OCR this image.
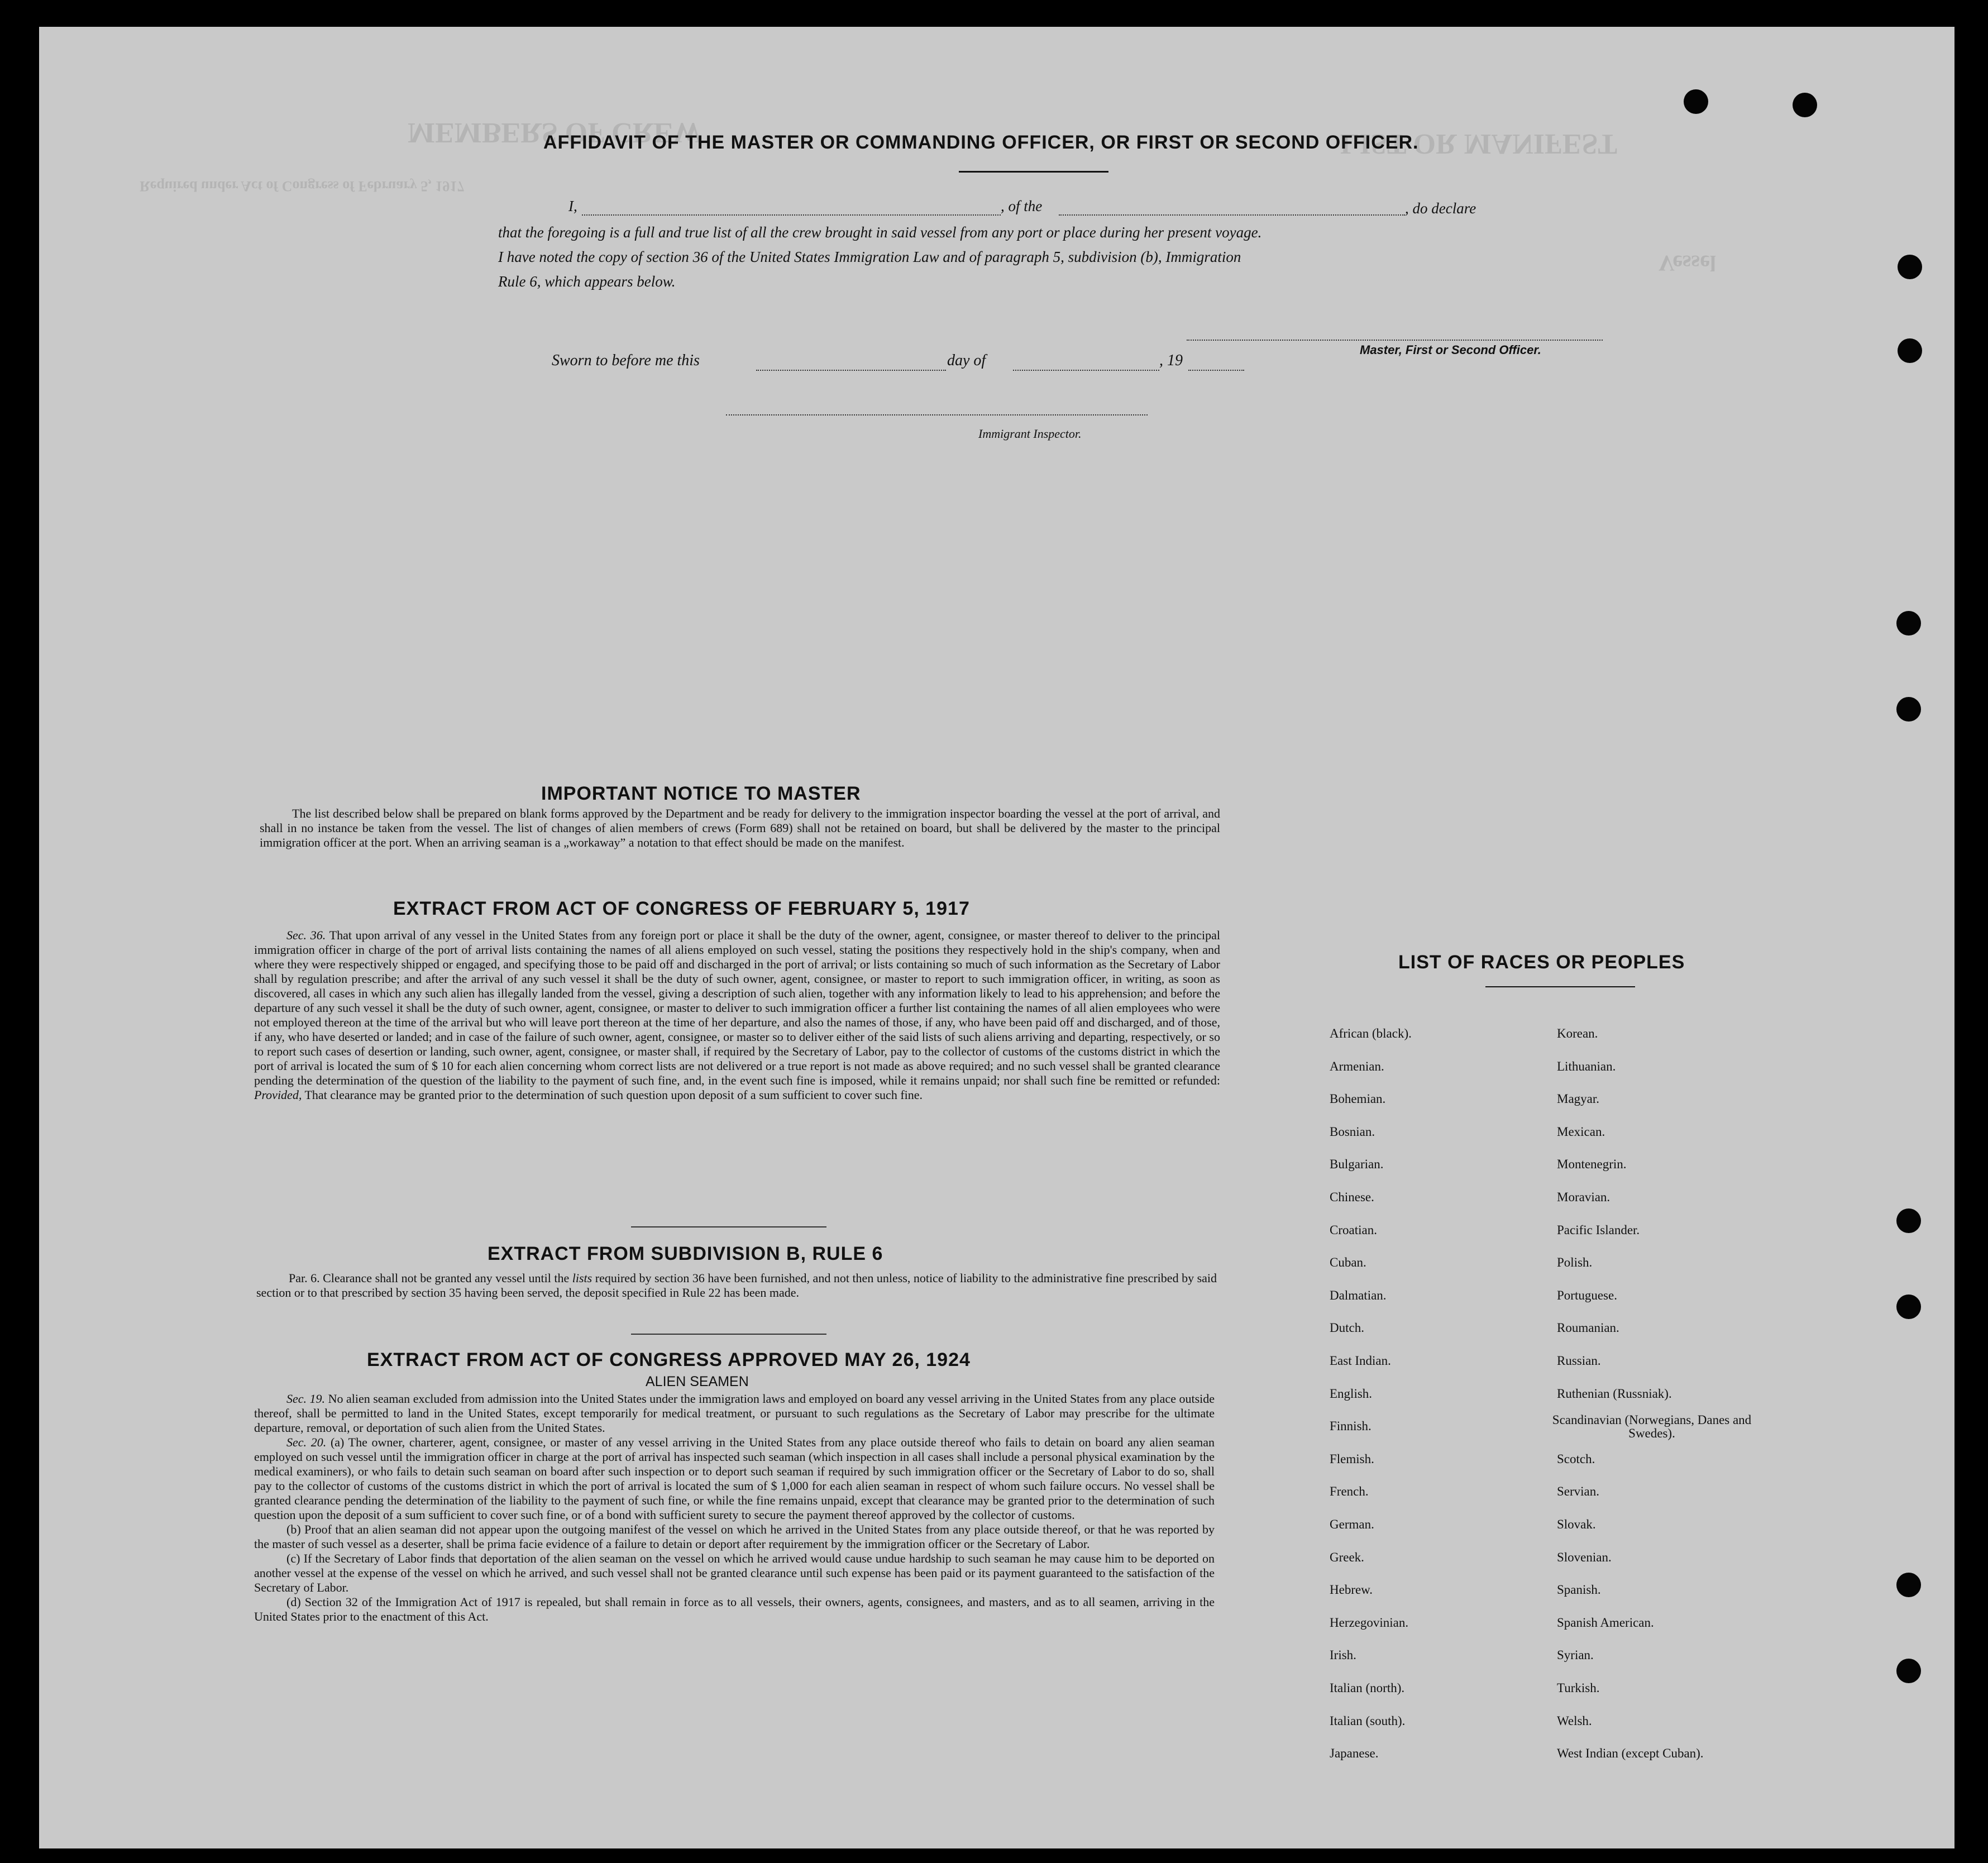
LIST OR MANIFEST
MEMBERS OF CREW
Required under Act of Congress of February 5, 1917
Vessel
AFFIDAVIT OF THE MASTER OR COMMANDING OFFICER, OR FIRST OR SECOND OFFICER.
I,	, of the	, do declare
that the foregoing is a full and true list of all the crew brought in said vessel from any port or place during her present voyage.
I have noted the copy of section 36 of the United States Immigration Law and of paragraph 5, subdivision (b), Immigration
Rule 6, which appears below.
Master, First or Second Officer.
Sworn to before me this	day of	, 19
Immigrant Inspector.
IMPORTANT NOTICE TO MASTER
The list described below shall be prepared on blank forms approved by the Department and be ready for delivery to the immigration inspector boarding the vessel at the port of arrival, and shall in no instance be taken from the vessel. The list of changes of alien members of crews (Form 689) shall not be retained on board, but shall be delivered by the master to the principal immigration officer at the port. When an arriving seaman is a „workaway” a notation to that effect should be made on the manifest.
EXTRACT FROM ACT OF CONGRESS OF FEBRUARY 5, 1917

Sec. 36. That upon arrival of any vessel in the United States from any foreign port or place it shall be the duty of the owner, agent, consignee, or master thereof to deliver to the principal immigration officer in charge of the port of arrival lists containing the names of all aliens employed on such vessel, stating the positions they respectively hold in the ship's company, when and where they were respectively shipped or engaged, and specifying those to be paid off and discharged in the port of arrival; or lists containing so much of such information as the Secretary of Labor shall by regulation prescribe; and after the arrival of any such vessel it shall be the duty of such owner, agent, consignee, or master to report to such immigration officer, in writing, as soon as discovered, all cases in which any such alien has illegally landed from the vessel, giving a description of such alien, together with any information likely to lead to his apprehension; and before the departure of any such vessel it shall be the duty of such owner, agent, consignee, or master to deliver to such immigration officer a further list containing the names of all alien employees who were not employed thereon at the time of the arrival but who will leave port thereon at the time of her departure, and also the names of those, if any, who have been paid off and discharged, and of those, if any, who have deserted or landed; and in case of the failure of such owner, agent, consignee, or master so to deliver either of the said lists of such aliens arriving and departing, respectively, or so to report such cases of desertion or landing, such owner, agent, consignee, or master shall, if required by the Secretary of Labor, pay to the collector of customs of the customs district in which the port of arrival is located the sum of $ 10 for each alien concerning whom correct lists are not delivered or a true report is not made as above required; and no such vessel shall be granted clearance pending the determination of the question of the liability to the payment of such fine, and, in the event such fine is imposed, while it remains unpaid; nor shall such fine be remitted or refunded: Provided, That clearance may be granted prior to the determination of such question upon deposit of a sum sufficient to cover such fine.

EXTRACT FROM SUBDIVISION B, RULE 6

Par. 6. Clearance shall not be granted any vessel until the lists required by section 36 have been furnished, and not then unless, notice of liability to the administrative fine prescribed by said section or to that prescribed by section 35 having been served, the deposit specified in Rule 22 has been made.

EXTRACT FROM ACT OF CONGRESS APPROVED MAY 26, 1924
ALIEN SEAMEN

Sec. 19. No alien seaman excluded from admission into the United States under the immigration laws and employed on board any vessel arriving in the United States from any place outside thereof, shall be permitted to land in the United States, except temporarily for medical treatment, or pursuant to such regulations as the Secretary of Labor may prescribe for the ultimate departure, removal, or deportation of such alien from the United States.

Sec. 20. (a) The owner, charterer, agent, consignee, or master of any vessel arriving in the United States from any place outside thereof who fails to detain on board any alien seaman employed on such vessel until the immigration officer in charge at the port of arrival has inspected such seaman (which inspection in all cases shall include a personal physical examination by the medical examiners), or who fails to detain such seaman on board after such inspection or to deport such seaman if required by such immigration officer or the Secretary of Labor to do so, shall pay to the collector of customs of the customs district in which the port of arrival is located the sum of $ 1,000 for each alien seaman in respect of whom such failure occurs. No vessel shall be granted clearance pending the determination of the liability to the payment of such fine, or while the fine remains unpaid, except that clearance may be granted prior to the determination of such question upon the deposit of a sum sufficient to cover such fine, or of a bond with sufficient surety to secure the payment thereof approved by the collector of customs.

(b) Proof that an alien seaman did not appear upon the outgoing manifest of the vessel on which he arrived in the United States from any place outside thereof, or that he was reported by the master of such vessel as a deserter, shall be prima facie evidence of a failure to detain or deport after requirement by the immigration officer or the Secretary of Labor.

(c) If the Secretary of Labor finds that deportation of the alien seaman on the vessel on which he arrived would cause undue hardship to such seaman he may cause him to be deported on another vessel at the expense of the vessel on which he arrived, and such vessel shall not be granted clearance until such expense has been paid or its payment guaranteed to the satisfaction of the Secretary of Labor.

(d) Section 32 of the Immigration Act of 1917 is repealed, but shall remain in force as to all vessels, their owners, agents, consignees, and masters, and as to all seamen, arriving in the United States prior to the enactment of this Act.

LIST OF RACES OR PEOPLES
African (black).
Armenian.
Bohemian.
Bosnian.
Bulgarian.
Chinese.
Croatian.
Cuban.
Dalmatian.
Dutch.
East Indian.
English.
Finnish.
Flemish.
French.
German.
Greek.
Hebrew.
Herzegovinian.
Irish.
Italian (north).
Italian (south).
Japanese.
Korean.
Lithuanian.
Magyar.
Mexican.
Montenegrin.
Moravian.
Pacific Islander.
Polish.
Portuguese.
Roumanian.
Russian.
Ruthenian (Russniak).
Scandinavian (Norwegians, Danes and Swedes).
Scotch.
Servian.
Slovak.
Slovenian.
Spanish.
Spanish American.
Syrian.
Turkish.
Welsh.
West Indian (except Cuban).
